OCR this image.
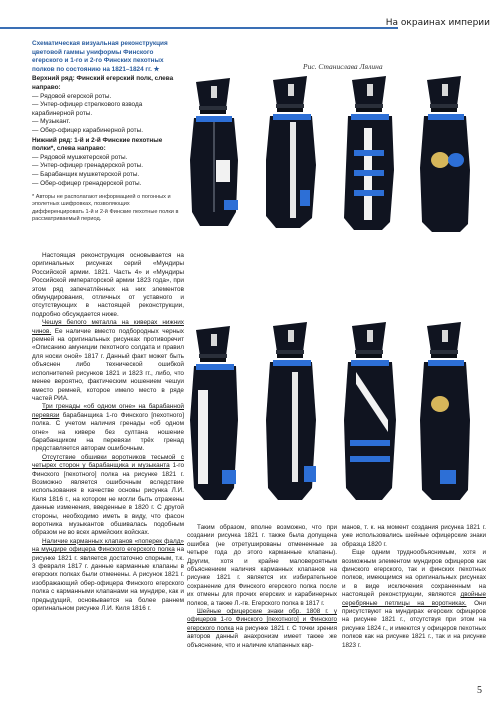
На окраинах империи
Схематическая визуальная реконструкция цветовой гаммы униформы Финского егерского и 1-го и 2-го Финских пехотных полков по состоянию на 1821–1824 гг. ★
Верхний ряд: Финский егерский полк, слева направо:
— Рядовой егерской роты.
— Унтер-офицер стрелкового взвода карабинерной роты.
— Музыкант.
— Обер-офицер карабинерной роты.
Нижний ряд: 1-й и 2-й Финские пехотные полки*, слева направо:
— Рядовой мушкетерской роты.
— Унтер-офицер гренадерской роты.
— Барабанщик мушкетерской роты.
— Обер-офицер гренадерской роты.
* Авторы не располагают информацией о погонных и эполетных шифровках, позволяющих дифференцировать 1-й и 2-й Финские пехотные полки в рассматриваемый период.
Рис. Станислава Лялина

Настоящая реконструкция основывается на оригинальных рисунках серий «Мундиры Российской армии. 1821. Часть 4» и «Мундиры Российской императорской армии 1823 года», при этом ряд запечатлённых на них элементов обмундирования, отличных от уставного и отсутствующих в настоящей реконструкции, подробно обсуждается ниже.

Чешуя белого металла на киверах нижних чинов. Ее наличие вместо подбородных черных ремней на оригинальных рисунках противоречит «Описанию амуниции пехотного солдата и правил для носки оной» 1817 г. Данный факт может быть объяснен либо технической ошибкой исполнителей рисунков 1821 и 1823 гг., либо, что менее вероятно, фактическим ношением чешуи вместо ремней, которое имело место в ряде частей РИА.

Три гренады «об одном огне» на барабанной перевязи барабанщика 1-го Финского [пехотного] полка. С учетом наличия гренады «об одном огне» на кивере без султана ношение барабанщиком на перевязи трёх гренад представляется авторам ошибочным.

Отсутствие обшивки воротников тесьмой с четырех сторон у барабанщика и музыканта 1-го Финского [пехотного] полка на рисунке 1821 г. Возможно является ошибочным вследствие использования в качестве основы рисунка Л.И. Киля 1816 г., на котором не могли быть отражены данные изменения, введенные в 1820 г. С другой стороны, необходимо иметь в виду, что фасон воротника музыкантов обшивалась подобным образом не во всех армейских войсках.

Наличие карманных клапанов «поперек фалд» на мундире офицера Финского егерского полка на рисунке 1821 г. является достаточно спорным, т.к. 3 февраля 1817 г. данные карманные клапаны в егерских полках были отменены. А рисунок 1821 г. изображающий обер-офицера Финского егерского полка с карманными клапанами на мундире, как и предыдущий, основывается на более раннем оригинальном рисунке Л.И. Киля 1816 г.

Таким образом, вполне возможно, что при создании рисунка 1821 г. также была допущена ошибка (не отретушированы отмененные за четыре года до этого карманные клапаны). Другим, хотя и крайне маловероятным объяснением наличия карманных клапанов на рисунке 1821 г. является их избирательное сохранение для Финского егерского полка после их отмены для прочих егерских и карабинерных полков, а также Л.-гв. Егерского полка в 1817 г.

Шейные офицерские знаки обр. 1808 г. у офицеров 1-го Финского [пехотного] и Финского егерского полка на рисунке 1821 г. С точки зрения авторов данный анахронизм имеет также же объяснение, что и наличие клапанных кар-

манов, т. к. на момент создания рисунка 1821 г. уже использовались шейные офицерские знаки образца 1820 г.

Еще одним труднообъяснимым, хотя и возможным элементом мундиров офицеров как финского егерского, так и финских пехотных полков, имеющимся на оригинальных рисунках и в виде исключения сохраненным на настоящей реконструкции, являются двойные серебряные петлицы на воротниках. Они присутствуют на мундирах егерских офицеров на рисунке 1821 г., отсутствуя при этом на рисунке 1824 г., и имеются у офицеров пехотных полков как на рисунке 1821 г., так и на рисунке 1823 г.

5
